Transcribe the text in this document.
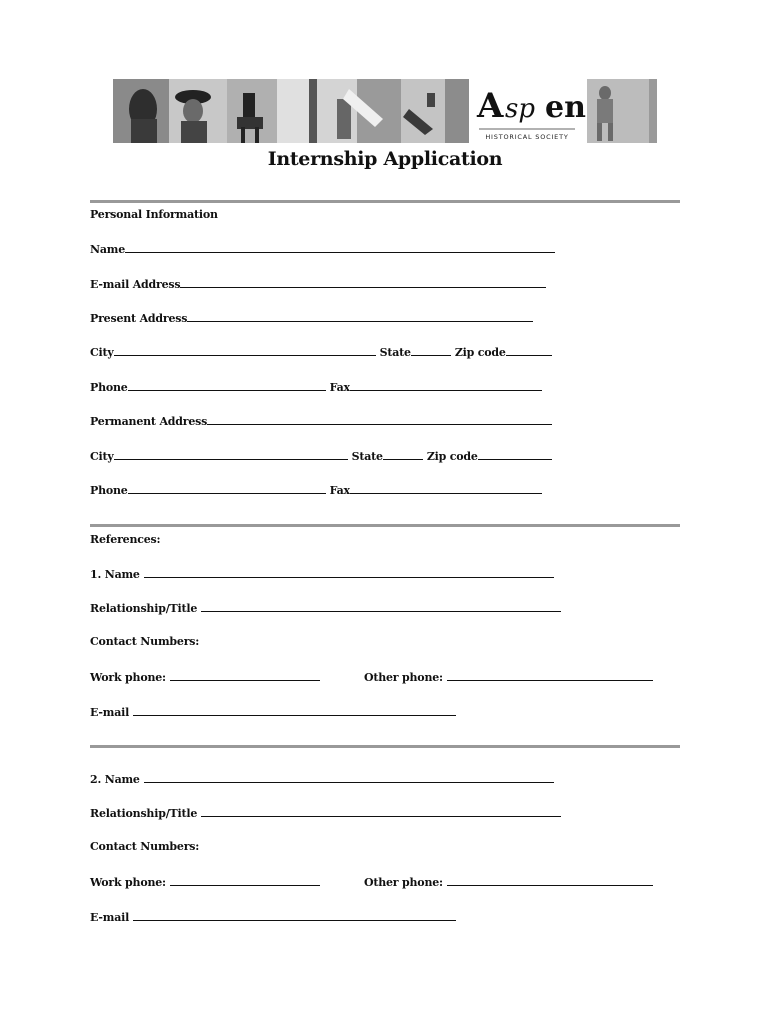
A sp en
HISTORICAL SOCIETY
Internship Application
Personal Information
Name
E-mail Address
Present Address
City	State	Zip code
Phone	Fax
Permanent Address
City	State	Zip code
Phone	Fax
References:
1. Name
Relationship/Title
Contact Numbers:
Work phone:	Other phone:
E-mail
2. Name
Relationship/Title
Contact Numbers:
Work phone:	Other phone:
E-mail
